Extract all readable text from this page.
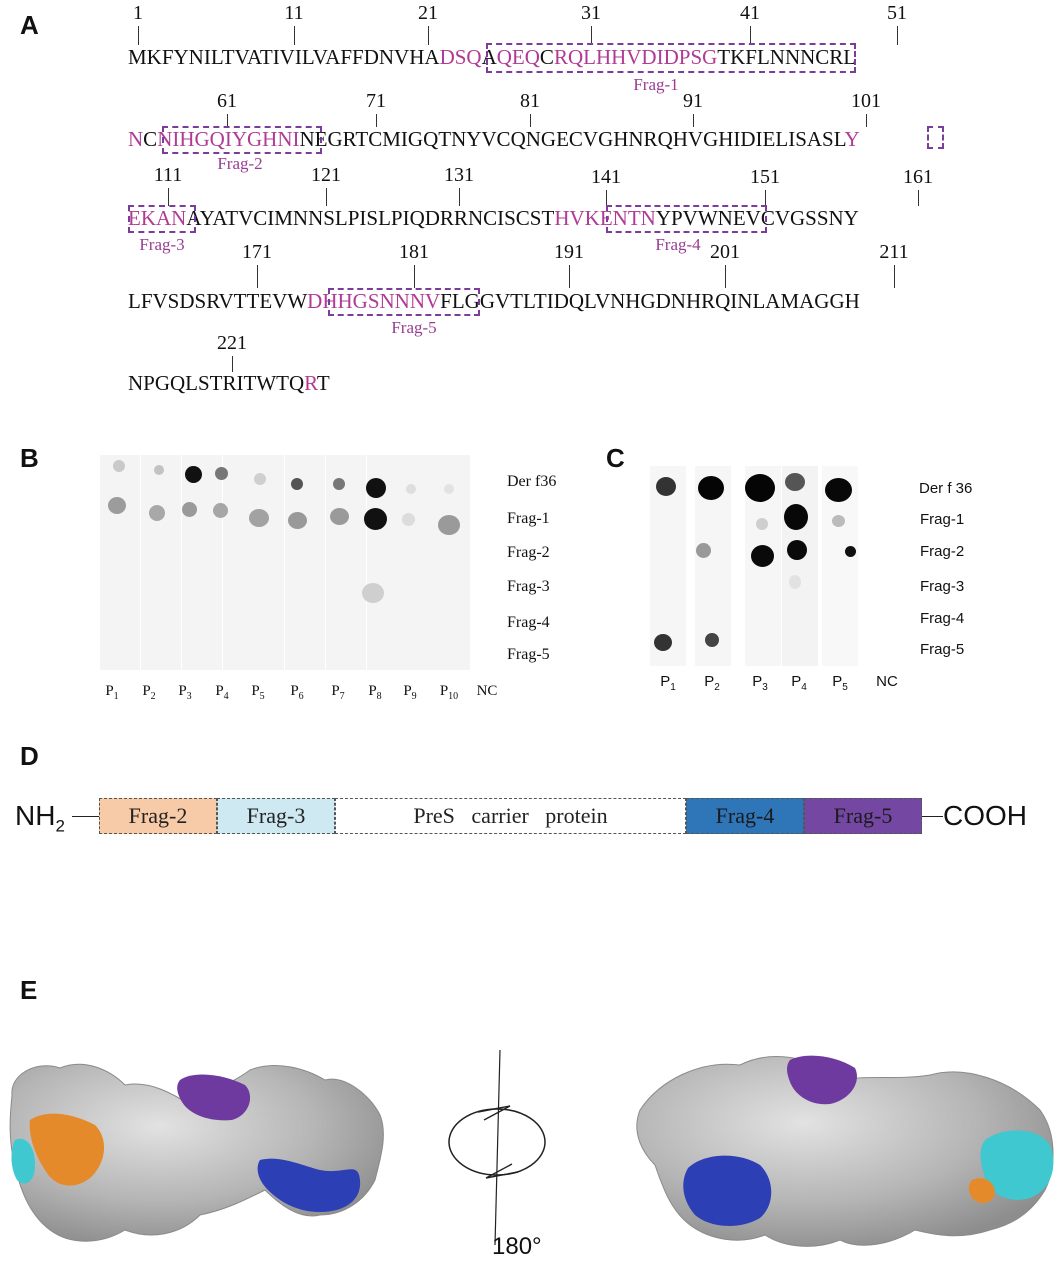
A
B	C
D
E
1	11	21	31	41	51
MKFYNILTVATIVILVAFFDNVHADSQAQEQCRQLHHVDIDPSGTKFLNNNCRL
Frag-1
61	71	81	91	101
NCNIHGQIYGHNINEGRTCMIGQTNYVCQNGECVGHNRQHVGHIDIELISASLY
Frag-2
111	121	131	141	151	161
EKANAYATVCIMNNSLPISLPIQDRRNCISCSTHVKENTNYPVWNEVCVGSSNY
Frag-3	Frag-4
171	181	191	201	211
LFVSDSRVTTEVWDHHGSNNNVFLGGVTLTIDQLVNHGDNHRQINLAMAGGH
Frag-5
221
NPGQLSTRITWTQRT
Der f36
Frag-1
Frag-2
Frag-3
Frag-4
Frag-5
$P_1$ $P_2$ $P_3$ $P_4$ $P_5$ $P_6$ $P_7$ $P_8$ $P_9$ $P_{10}$ NC
Der f 36
Frag-1
Frag-2
Frag-3
Frag-4
Frag-5
$P_1$ $P_2$ $P_3$ $P_4$ $P_5$ NC
$NH_2$	Frag-2	Frag-3	PreS   carrier   protein	Frag-4	Frag-5	COOH
180°
